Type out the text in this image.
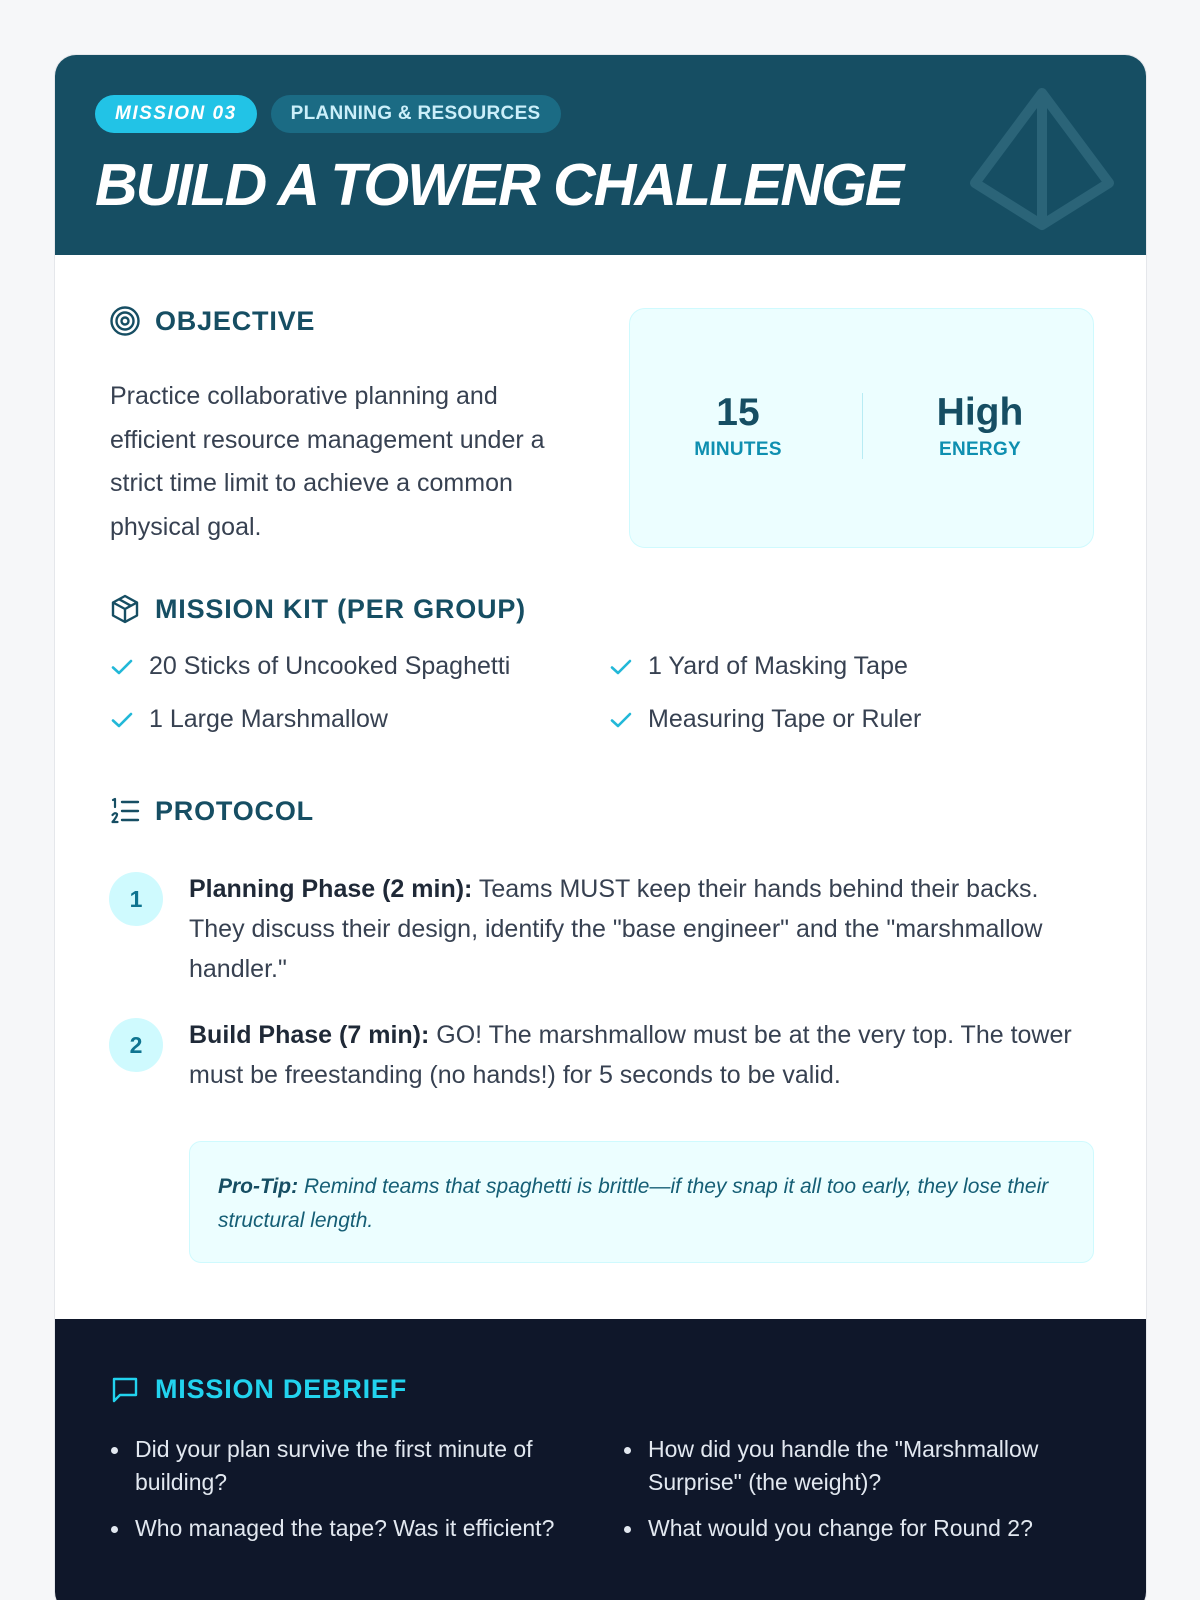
MISSION 03	PLANNING & RESOURCES
BUILD A TOWER CHALLENGE
OBJECTIVE

Practice collaborative planning and efficient resource management under a strict time limit to achieve a common physical goal.

15
MINUTES
High
ENERGY
MISSION KIT (PER GROUP)
20 Sticks of Uncooked Spaghetti	1 Yard of Masking Tape
1 Large Marshmallow	Measuring Tape or Ruler
PROTOCOL
1	Planning Phase (2 min): Teams MUST keep their hands behind their backs. They discuss their design, identify the "base engineer" and the "marshmallow handler."

2	Build Phase (7 min): GO! The marshmallow must be at the very top. The tower must be freestanding (no hands!) for 5 seconds to be valid.

Pro-Tip: Remind teams that spaghetti is brittle—if they snap it all too early, they lose their structural length.
MISSION DEBRIEF

Did your plan survive the first minute of building?

How did you handle the "Marshmallow Surprise" (the weight)?

Who managed the tape? Was it efficient?	What would you change for Round 2?
